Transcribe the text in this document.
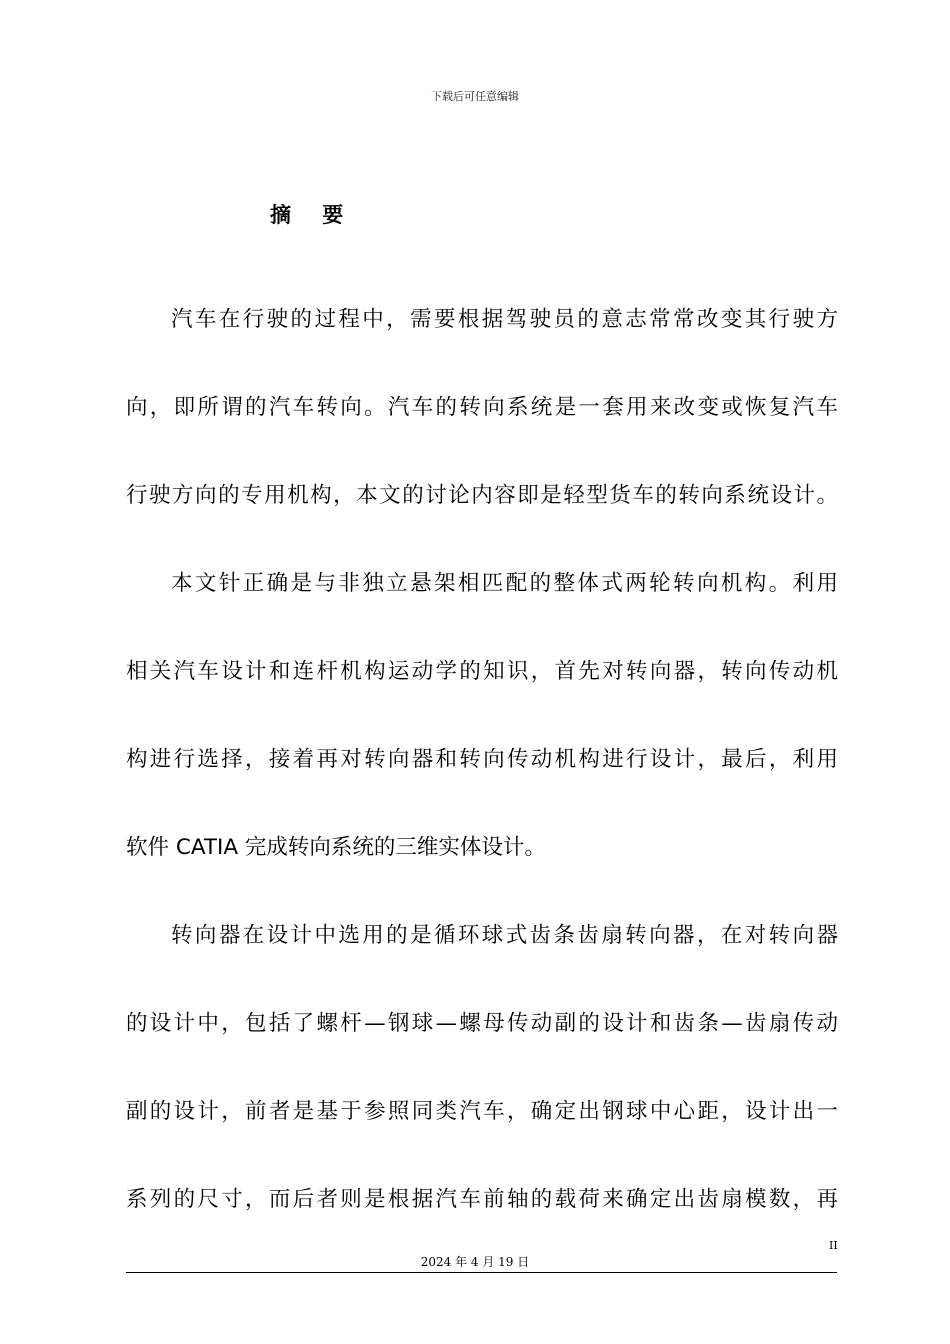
下载后可任意编辑
摘 要
汽车在行驶的过程中，需要根据驾驶员的意志常常改变其行驶方
向，即所谓的汽车转向。汽车的转向系统是一套用来改变或恢复汽车
行驶方向的专用机构，本文的讨论内容即是轻型货车的转向系统设计。
本文针正确是与非独立悬架相匹配的整体式两轮转向机构。利用
相关汽车设计和连杆机构运动学的知识，首先对转向器，转向传动机
构进行选择，接着再对转向器和转向传动机构进行设计，最后，利用
软件 CATIA 完成转向系统的三维实体设计。
转向器在设计中选用的是循环球式齿条齿扇转向器，在对转向器
的设计中，包括了螺杆—钢球—螺母传动副的设计和齿条—齿扇传动
副的设计，前者是基于参照同类汽车，确定出钢球中心距，设计出一
系列的尺寸，而后者则是根据汽车前轴的载荷来确定出齿扇模数，再
II
2024 年 4 月 19 日
